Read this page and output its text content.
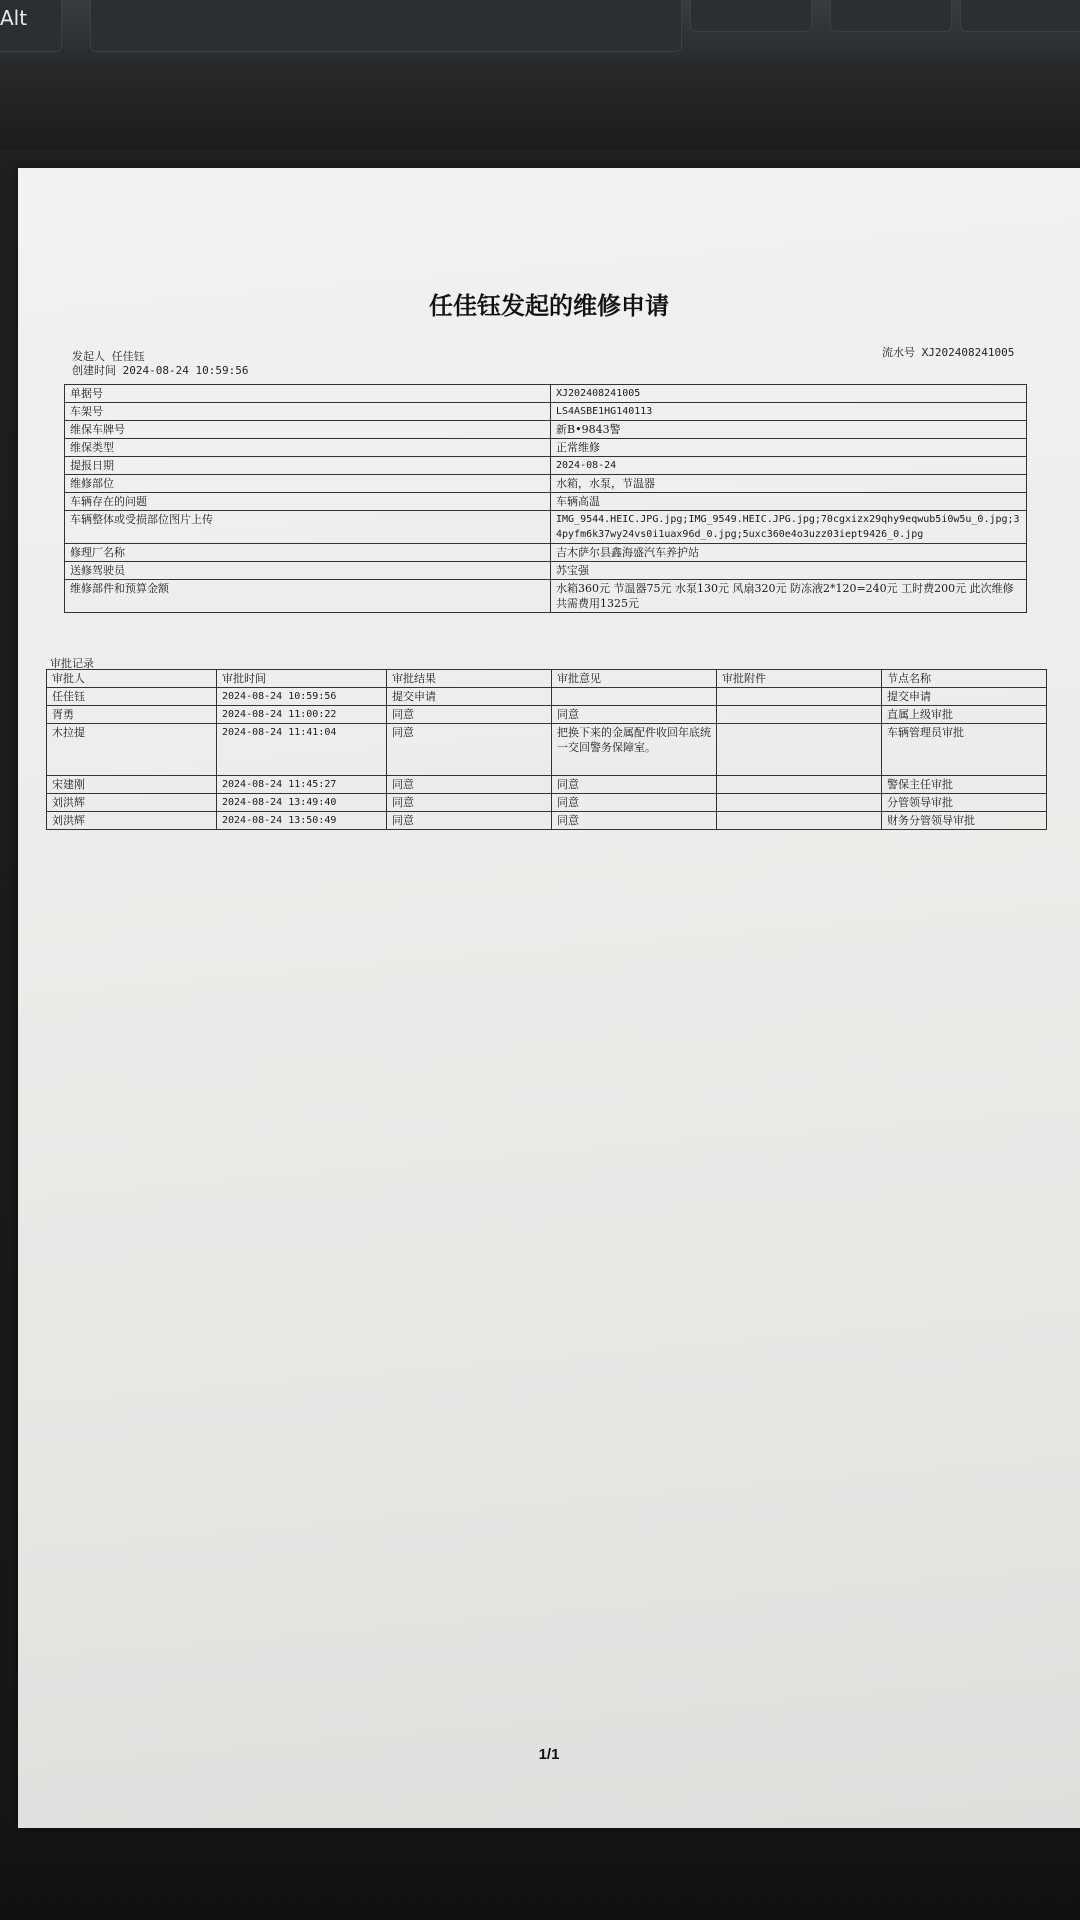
Alt
任佳钰发起的维修申请
发起人 任佳钰
创建时间 2024-08-24 10:59:56
流水号 XJ202408241005
单据号	XJ202408241005
车架号	LS4ASBE1HG140113
维保车牌号	新B•9843警
维保类型	正常维修
提报日期	2024-08-24
维修部位	水箱，水泵，节温器
车辆存在的问题	车辆高温
车辆整体或受损部位图片上传	IMG_9544.HEIC.JPG.jpg;IMG_9549.HEIC.JPG.jpg;70cgxizx29qhy9eqwub5i0w5u_0.jpg;34pyfm6k37wy24vs0i1uax96d_0.jpg;5uxc360e4o3uzz03iept9426_0.jpg
修理厂名称	吉木萨尔县鑫海盛汽车养护站
送修驾驶员	苏宝强
维修部件和预算金额	水箱360元 节温器75元 水泵130元 风扇320元 防冻液2*120=240元 工时费200元 此次维修共需费用1325元
审批记录
审批人	审批时间	审批结果	审批意见	审批附件	节点名称
任佳钰	2024-08-24 10:59:56	提交申请			提交申请
胥勇	2024-08-24 11:00:22	同意	同意		直属上级审批
木拉提	2024-08-24 11:41:04	同意	把换下来的金属配件收回年底统一交回警务保障室。		车辆管理员审批
宋建刚	2024-08-24 11:45:27	同意	同意		警保主任审批
刘洪辉	2024-08-24 13:49:40	同意	同意		分管领导审批
刘洪辉	2024-08-24 13:50:49	同意	同意		财务分管领导审批
1/1
